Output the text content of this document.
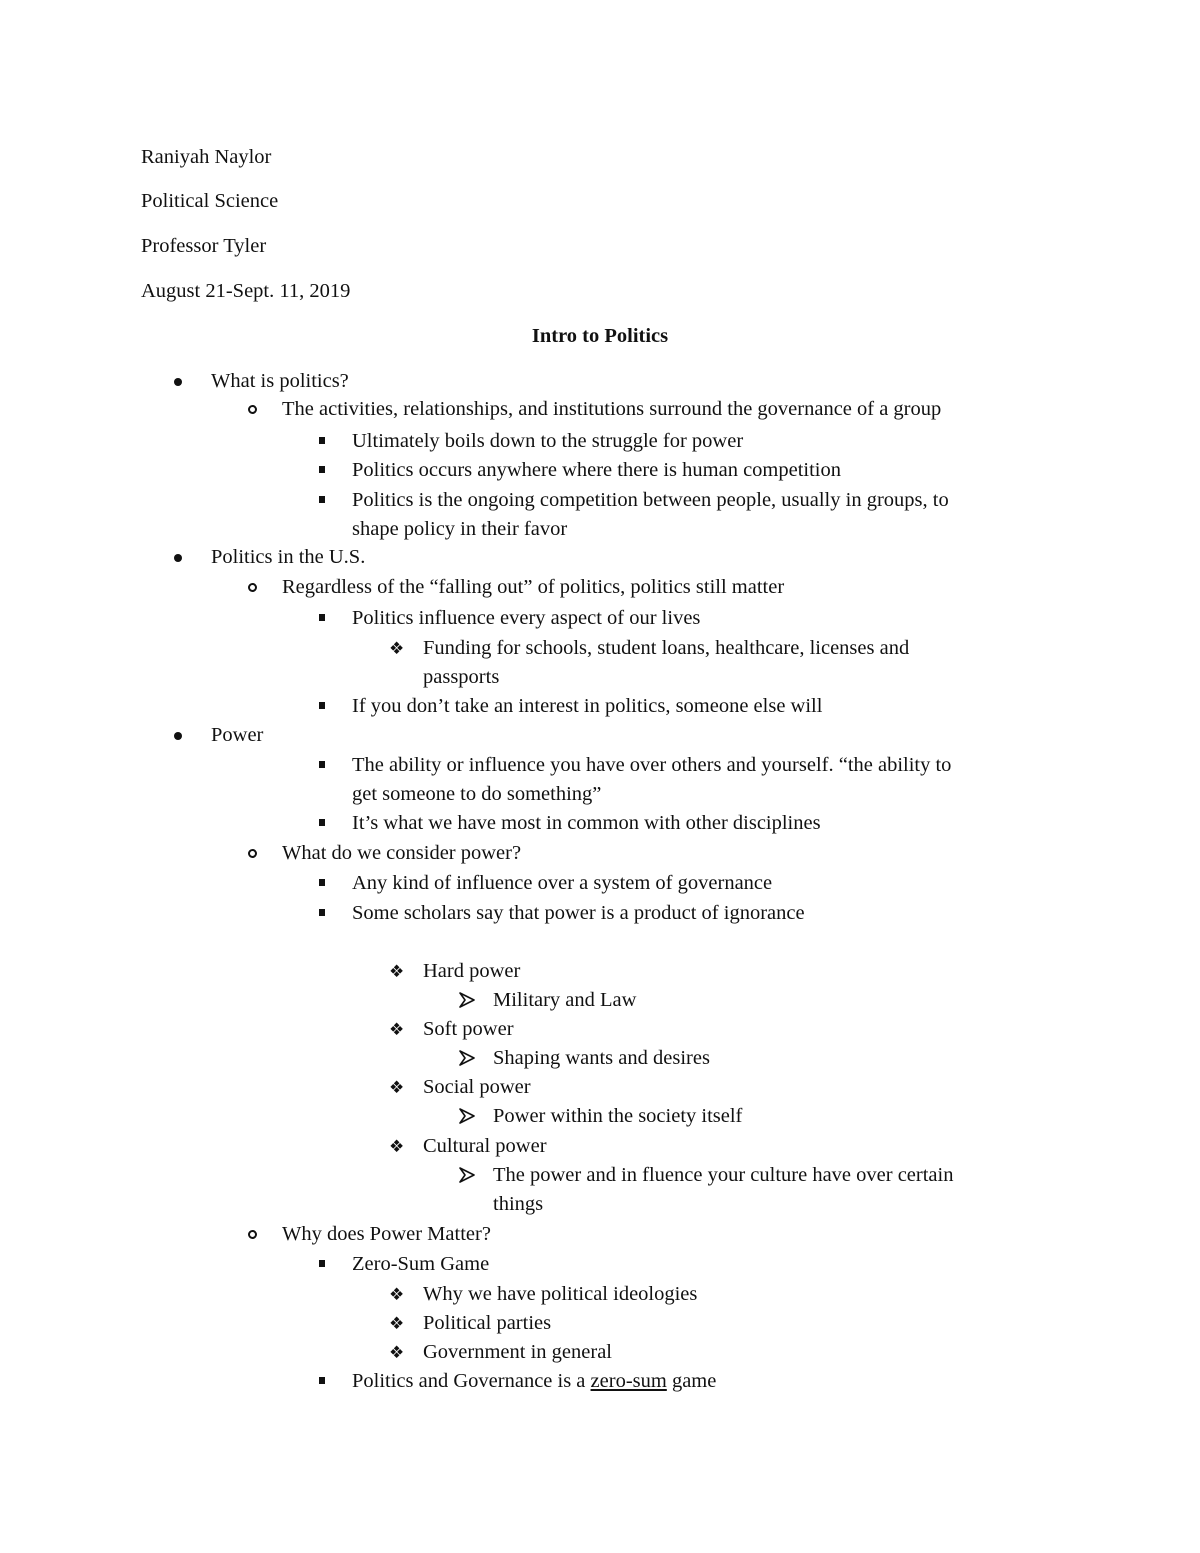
Raniyah Naylor

Political Science

Professor Tyler

August 21-Sept. 11, 2019

Intro to Politics

What is politics?
The activities, relationships, and institutions surround the governance of a group
Ultimately boils down to the struggle for power
Politics occurs anywhere where there is human competition
Politics is the ongoing competition between people, usually in groups, to
shape policy in their favor
Politics in the U.S.
Regardless of the “falling out” of politics, politics still matter
Politics influence every aspect of our lives
❖ Funding for schools, student loans, healthcare, licenses and
passports
If you don’t take an interest in politics, someone else will
Power
The ability or influence you have over others and yourself. “the ability to
get someone to do something”
It’s what we have most in common with other disciplines
What do we consider power?
Any kind of influence over a system of governance
Some scholars say that power is a product of ignorance
❖ Hard power
Military and Law
❖ Soft power
Shaping wants and desires
❖ Social power
Power within the society itself
❖ Cultural power
The power and in fluence your culture have over certain
things
Why does Power Matter?
Zero-Sum Game
❖ Why we have political ideologies
❖ Political parties
❖ Government in general
Politics and Governance is a zero-sum game
